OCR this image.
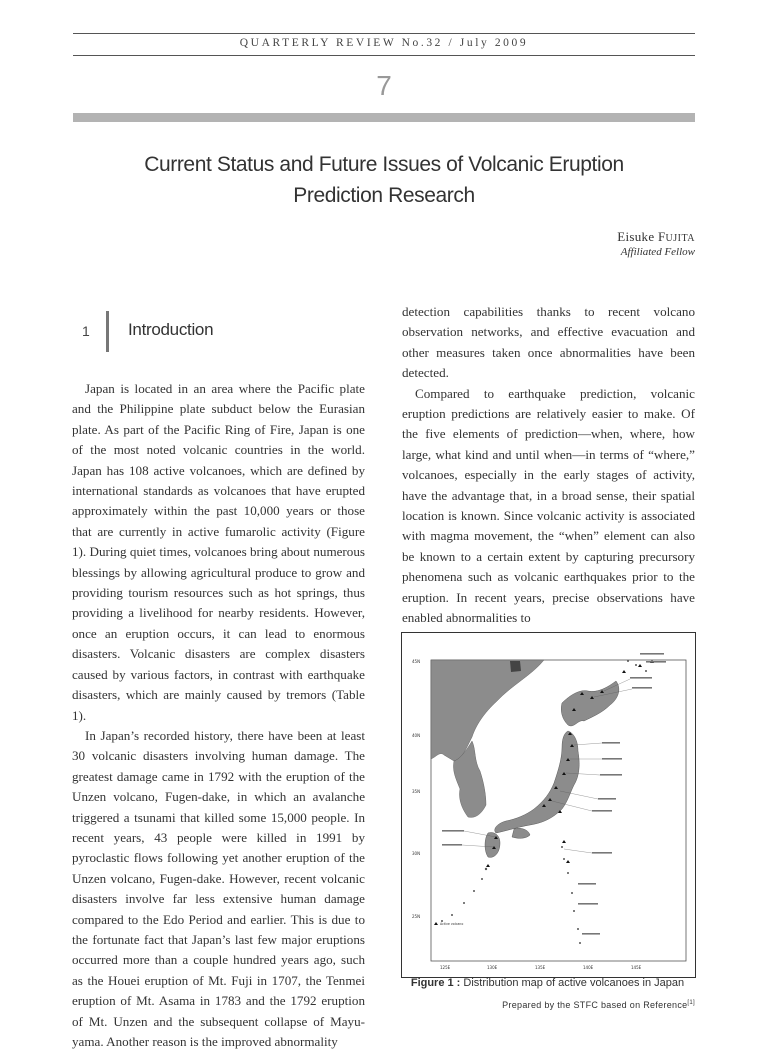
QUARTERLY REVIEW No.32 / July 2009
7
Current Status and Future Issues of Volcanic Eruption
Prediction Research
Eisuke FUJITA
Affiliated Fellow
1 Introduction

Japan is located in an area where the Pacific plate and the Philippine plate subduct below the Eurasian plate. As part of the Pacific Ring of Fire, Japan is one of the most noted volcanic countries in the world. Japan has 108 active volcanoes, which are defined by international standards as volcanoes that have erupted approximately within the past 10,000 years or those that are currently in active fumarolic activity (Figure 1). During quiet times, volcanoes bring about numerous blessings by allowing agricultural produce to grow and providing tourism resources such as hot springs, thus providing a livelihood for nearby residents. However, once an eruption occurs, it can lead to enormous disasters. Volcanic disasters are complex disasters caused by various factors, in contrast with earthquake disasters, which are mainly caused by tremors (Table 1).

In Japan’s recorded history, there have been at least 30 volcanic disasters involving human damage. The greatest damage came in 1792 with the eruption of the Unzen volcano, Fugen-dake, in which an avalanche triggered a tsunami that killed some 15,000 people. In recent years, 43 people were killed in 1991 by pyroclastic flows following yet another eruption of the Unzen volcano, Fugen-dake. However, recent volcanic disasters involve far less extensive human damage compared to the Edo Period and earlier. This is due to the fortunate fact that Japan’s last few major eruptions occurred more than a couple hundred years ago, such as the Houei eruption of Mt. Fuji in 1707, the Tenmei eruption of Mt. Asama in 1783 and the 1792 eruption of Mt. Unzen and the subsequent collapse of Mayu-yama. Another reason is the improved abnormality

detection capabilities thanks to recent volcano observation networks, and effective evacuation and other measures taken once abnormalities have been detected.

Compared to earthquake prediction, volcanic eruption predictions are relatively easier to make. Of the five elements of prediction—when, where, how large, what kind and until when—in terms of “where,” volcanoes, especially in the early stages of activity, have the advantage that, in a broad sense, their spatial location is known. Since volcanic activity is associated with magma movement, the “when” element can also be known to a certain extent by capturing precursory phenomena such as volcanic earthquakes prior to the eruption. In recent years, precise observations have enabled abnormalities to

45N
40N
35N
30N
25N
125E	130E	135E	140E	145E
Active volcano
Figure 1 : Distribution map of active volcanoes in Japan
Prepared by the STFC based on Reference[1]
